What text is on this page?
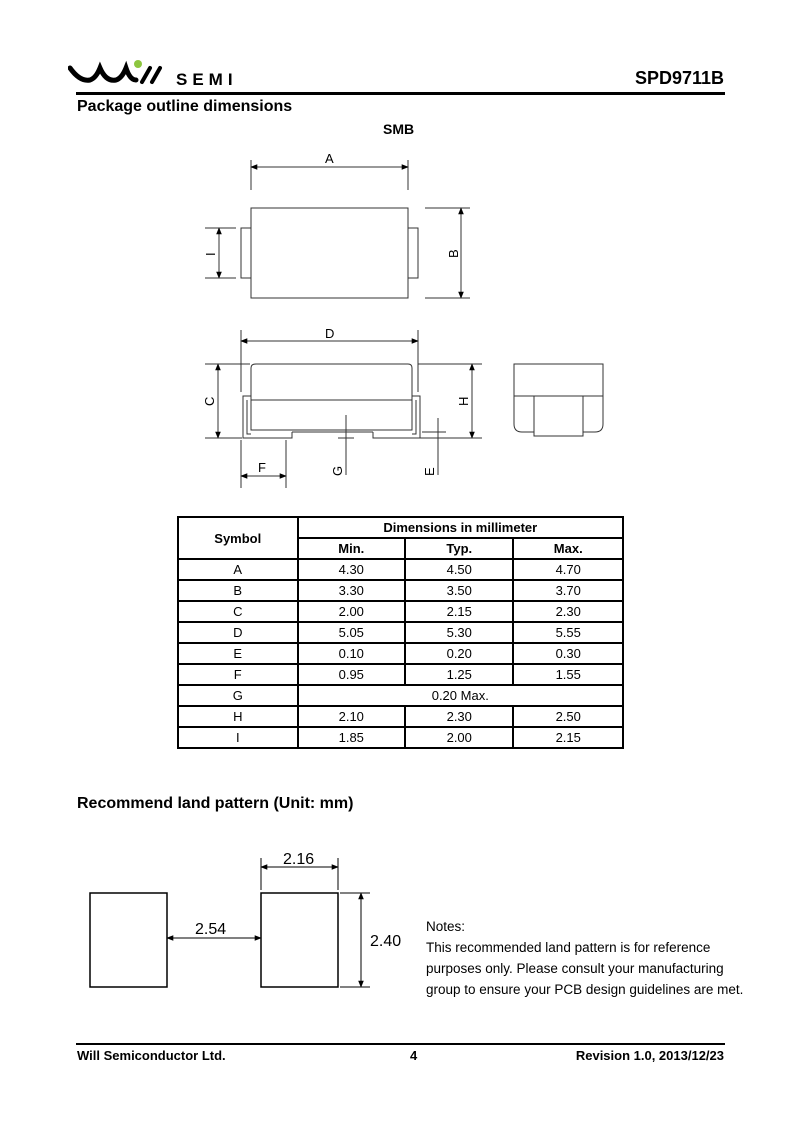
SEMI	SPD9711B
Package outline dimensions
SMB
A
B
I
D
C	H
F	G	E
Symbol	Dimensions in millimeter		
	Min.	Typ.	Max.
A	4.30	4.50	4.70
B	3.30	3.50	3.70
C	2.00	2.15	2.30
D	5.05	5.30	5.55
E	0.10	0.20	0.30
F	0.95	1.25	1.55
G	0.20 Max.		
H	2.10	2.30	2.50
I	1.85	2.00	2.15
Recommend land pattern (Unit: mm)
2.16
2.54
2.40
Notes:
This recommended land pattern is for reference
purposes only. Please consult your manufacturing
group to ensure your PCB design guidelines are met.
Will Semiconductor Ltd.	4	Revision 1.0, 2013/12/23
